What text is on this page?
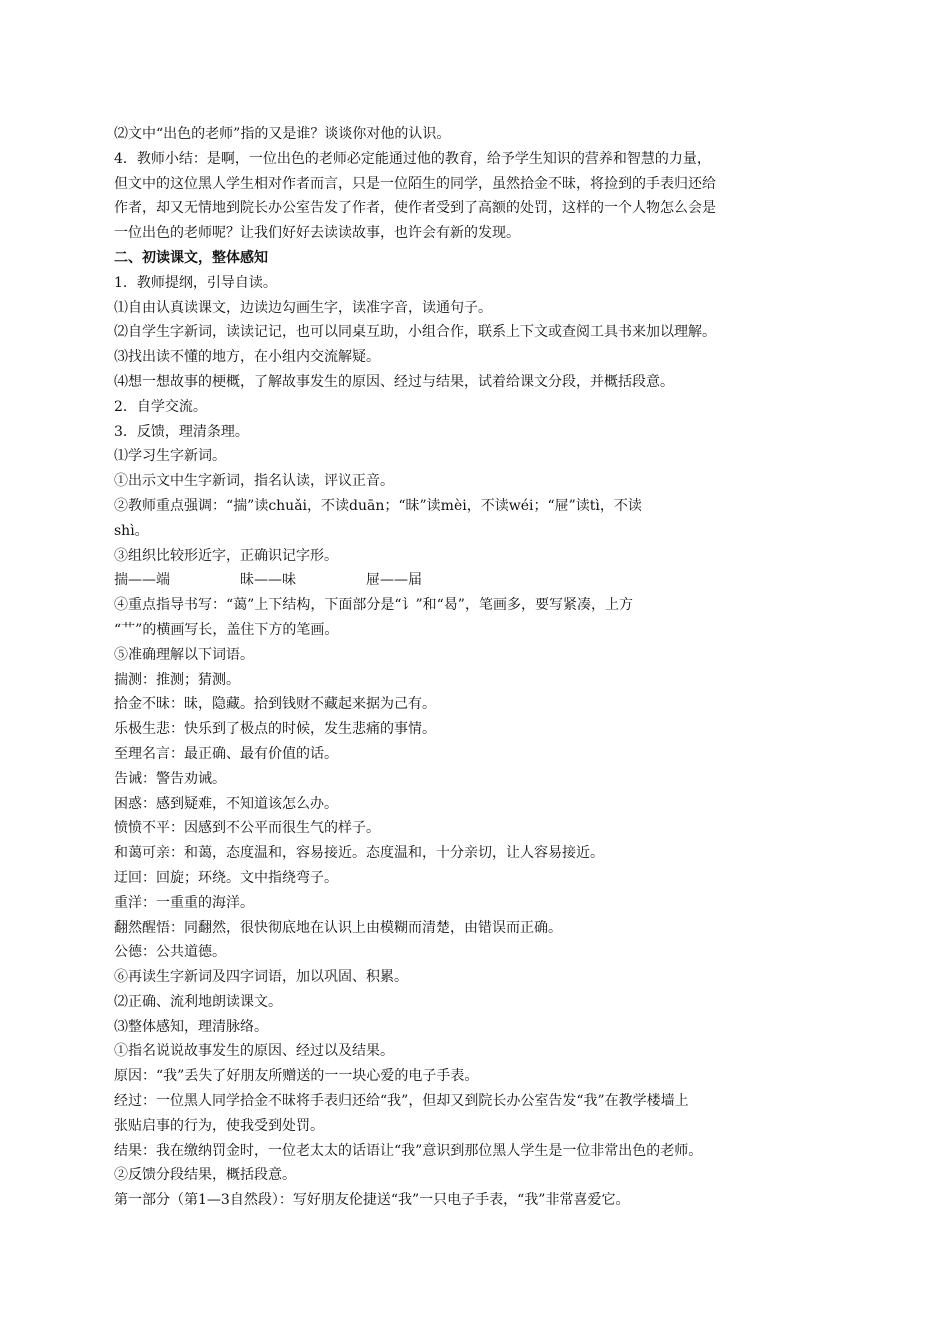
⑵文中“出色的老师”指的又是谁？谈谈你对他的认识。
4．教师小结：是啊，一位出色的老师必定能通过他的教育，给予学生知识的营养和智慧的力量，
但文中的这位黑人学生相对作者而言，只是一位陌生的同学，虽然拾金不昧，将捡到的手表归还给
作者，却又无情地到院长办公室告发了作者，使作者受到了高额的处罚，这样的一个人物怎么会是
一位出色的老师呢？让我们好好去读读故事，也许会有新的发现。
二、初读课文，整体感知
1．教师提纲，引导自读。
⑴自由认真读课文，边读边勾画生字，读准字音，读通句子。
⑵自学生字新词，读读记记，也可以同桌互助，小组合作，联系上下文或查阅工具书来加以理解。
⑶找出读不懂的地方，在小组内交流解疑。
⑷想一想故事的梗概，了解故事发生的原因、经过与结果，试着给课文分段，并概括段意。
2．自学交流。
3．反馈，理清条理。
⑴学习生字新词。
①出示文中生字新词，指名认读，评议正音。
②教师重点强调：“揣”读chuǎi，不读duān；“昧”读mèi，不读wéi；“屉”读tì，不读
shì。
③组织比较形近字，正确识记字形。
揣——端	昧——味	屉——届
④重点指导书写：“蔼”上下结构，下面部分是“讠”和“曷”，笔画多，要写紧凑，上方
“艹”的横画写长，盖住下方的笔画。
⑤准确理解以下词语。
揣测：推测；猜测。
拾金不昧：昧，隐藏。拾到钱财不藏起来据为己有。
乐极生悲：快乐到了极点的时候，发生悲痛的事情。
至理名言：最正确、最有价值的话。
告诫：警告劝诫。
困惑：感到疑难，不知道该怎么办。
愤愤不平：因感到不公平而很生气的样子。
和蔼可亲：和蔼，态度温和，容易接近。态度温和，十分亲切，让人容易接近。
迂回：回旋；环绕。文中指绕弯子。
重洋：一重重的海洋。
翻然醒悟：同翻然，很快彻底地在认识上由模糊而清楚，由错误而正确。
公德：公共道德。
⑥再读生字新词及四字词语，加以巩固、积累。
⑵正确、流利地朗读课文。
⑶整体感知，理清脉络。
①指名说说故事发生的原因、经过以及结果。
原因：“我”丢失了好朋友所赠送的一一块心爱的电子手表。
经过：一位黑人同学拾金不昧将手表归还给“我”，但却又到院长办公室告发“我”在教学楼墙上
张贴启事的行为，使我受到处罚。
结果：我在缴纳罚金时，一位老太太的话语让“我”意识到那位黑人学生是一位非常出色的老师。
②反馈分段结果，概括段意。
第一部分（第1—3自然段）：写好朋友伦捷送“我”一只电子手表，“我”非常喜爱它。
